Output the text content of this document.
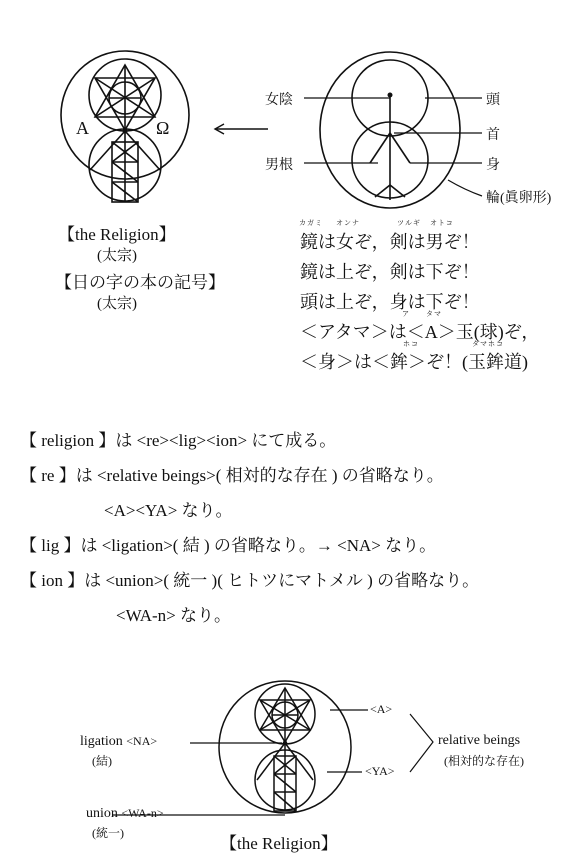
A	Ω
女陰
男根
頭
首
身
輪(眞卵形)
【the Religion】
(太宗)
【日の字の本の記号】
(太宗)
カガミ オンナ	ツルギ オトコ
鏡は女ぞ，剣は男ぞ！
鏡は上ぞ，剣は下ぞ！
頭は上ぞ，身は下ぞ！
ア タマ
＜アタマ＞は＜A＞玉(球)ぞ，
ホコ	タマホコ
＜身＞は＜鉾＞ぞ！(玉鉾道)
【 religion 】は <re><lig><ion> にて成る。
【 re 】は <relative beings>( 相対的な存在 ) の省略なり。
<A><YA> なり。
【 lig 】は <ligation>( 結 ) の省略なり。→ <NA> なり。
【 ion 】は <union>( 統一 )( ヒトツにマトメル ) の省略なり。
<WA-n> なり。
ligation <NA>
(結)
union <WA-n>
(統一)
<A>
<YA>
relative beings
(相対的な存在)
【the Religion】
